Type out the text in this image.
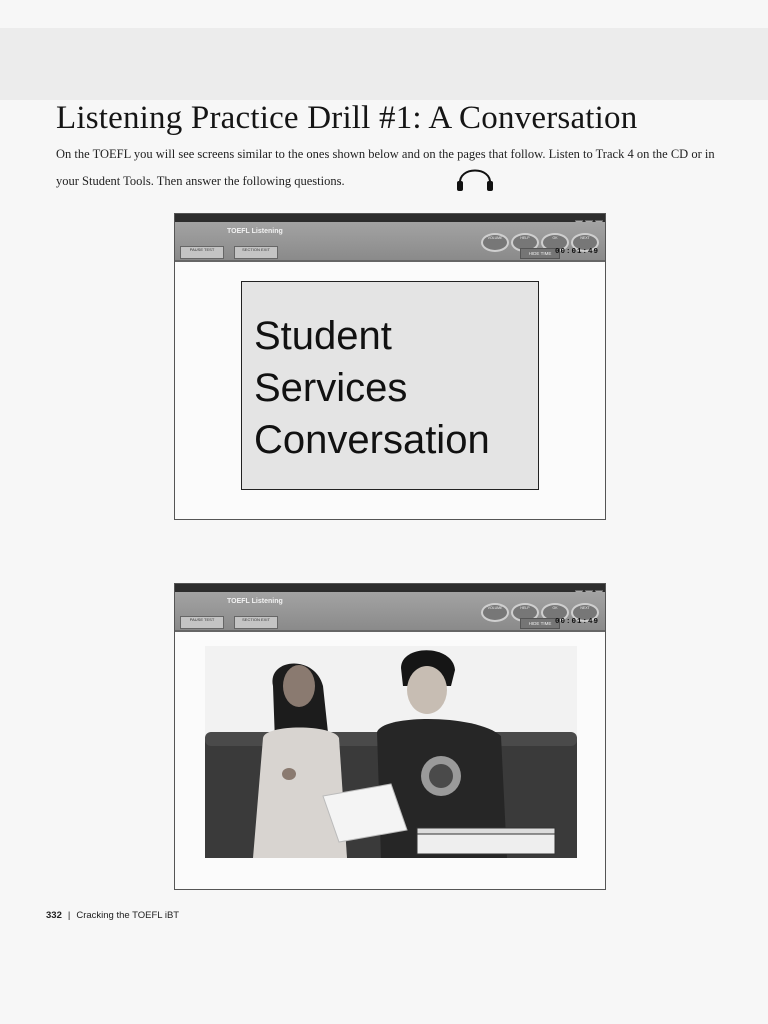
Listening Practice Drill #1: A Conversation

On the TOEFL you will see screens similar to the ones shown below and on the pages that follow. Listen to Track 4 on the CD or in your Student Tools. Then answer the following questions.

TOEFL Listening
PAUSE TEST	SECTION EXIT
VOLUME	HELP	OK	NEXT
HIDE TIME 00:01:49
Student
Services
Conversation
TOEFL Listening
PAUSE TEST	SECTION EXIT
VOLUME	HELP	OK	NEXT
HIDE TIME 00:01:49
332 | Cracking the TOEFL iBT
